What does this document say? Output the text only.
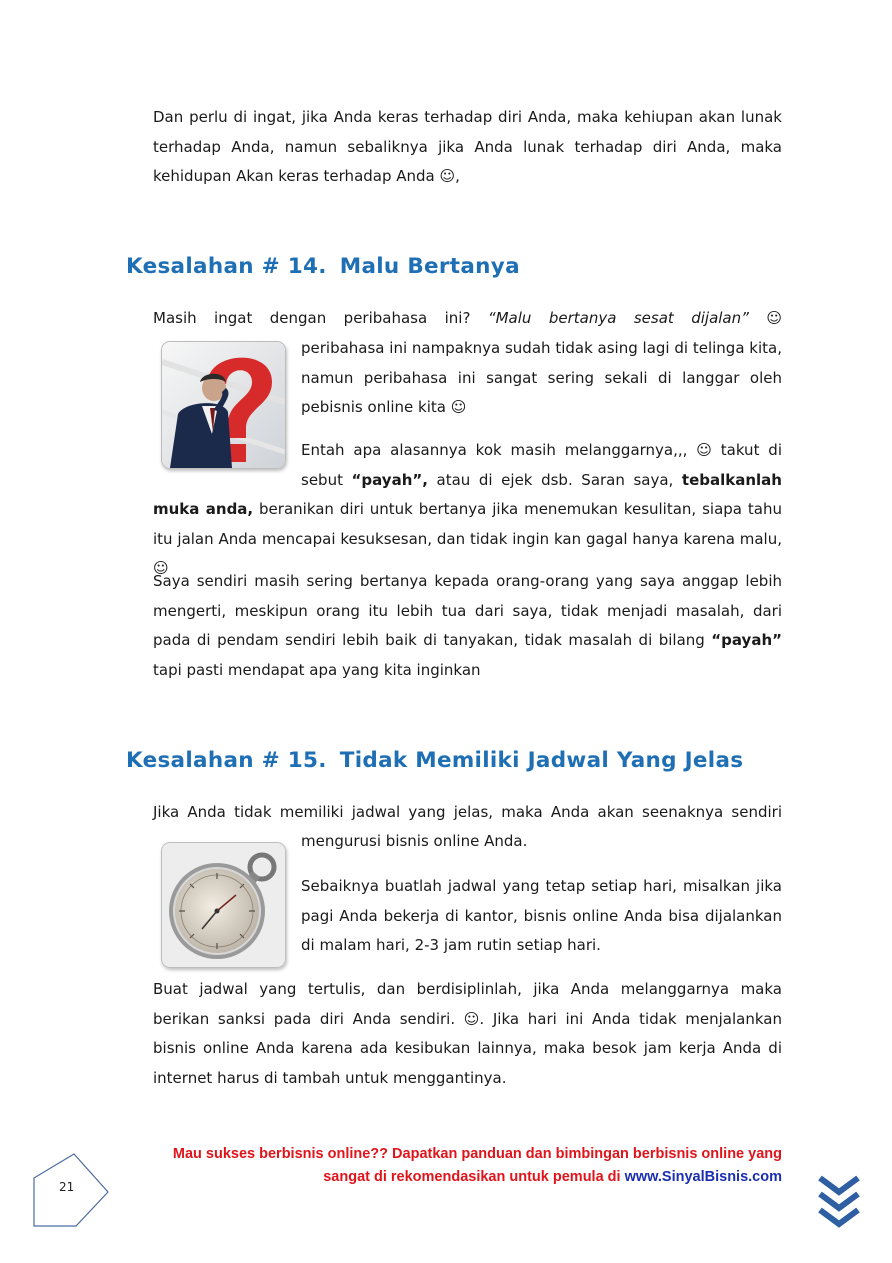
Dan perlu di ingat, jika Anda keras terhadap diri Anda, maka kehiupan akan lunak terhadap Anda, namun sebaliknya jika Anda lunak terhadap diri Anda, maka kehidupan Akan keras terhadap Anda ☺,

Kesalahan # 14. Malu Bertanya

Masih ingat dengan peribahasa ini? “Malu bertanya sesat dijalan” ☺

peribahasa ini nampaknya sudah tidak asing lagi di telinga kita, namun peribahasa ini sangat sering sekali di langgar oleh pebisnis online kita ☺

Entah apa alasannya kok masih melanggarnya,,, ☺ takut di sebut “payah”, atau di ejek dsb. Saran saya, tebalkanlah muka anda, beranikan diri untuk bertanya jika menemukan kesulitan, siapa tahu itu jalan Anda mencapai kesuksesan, dan tidak ingin kan gagal hanya karena malu, ☺

Saya sendiri masih sering bertanya kepada orang-orang yang saya anggap lebih mengerti, meskipun orang itu lebih tua dari saya, tidak menjadi masalah, dari pada di pendam sendiri lebih baik di tanyakan, tidak masalah di bilang “payah” tapi pasti mendapat apa yang kita inginkan

Kesalahan # 15. Tidak Memiliki Jadwal Yang Jelas

Jika Anda tidak memiliki jadwal yang jelas, maka Anda akan seenaknya sendiri

mengurusi bisnis online Anda.

Sebaiknya buatlah jadwal yang tetap setiap hari, misalkan jika pagi Anda bekerja di kantor, bisnis online Anda bisa dijalankan di malam hari, 2-3 jam rutin setiap hari.

Buat jadwal yang tertulis, dan berdisiplinlah, jika Anda melanggarnya maka berikan sanksi pada diri Anda sendiri. ☺. Jika hari ini Anda tidak menjalankan bisnis online Anda karena ada kesibukan lainnya, maka besok jam kerja Anda di internet harus di tambah untuk menggantinya.

21
Mau sukses berbisnis online?? Dapatkan panduan dan bimbingan berbisnis online yang
sangat di rekomendasikan untuk pemula di www.SinyalBisnis.com
